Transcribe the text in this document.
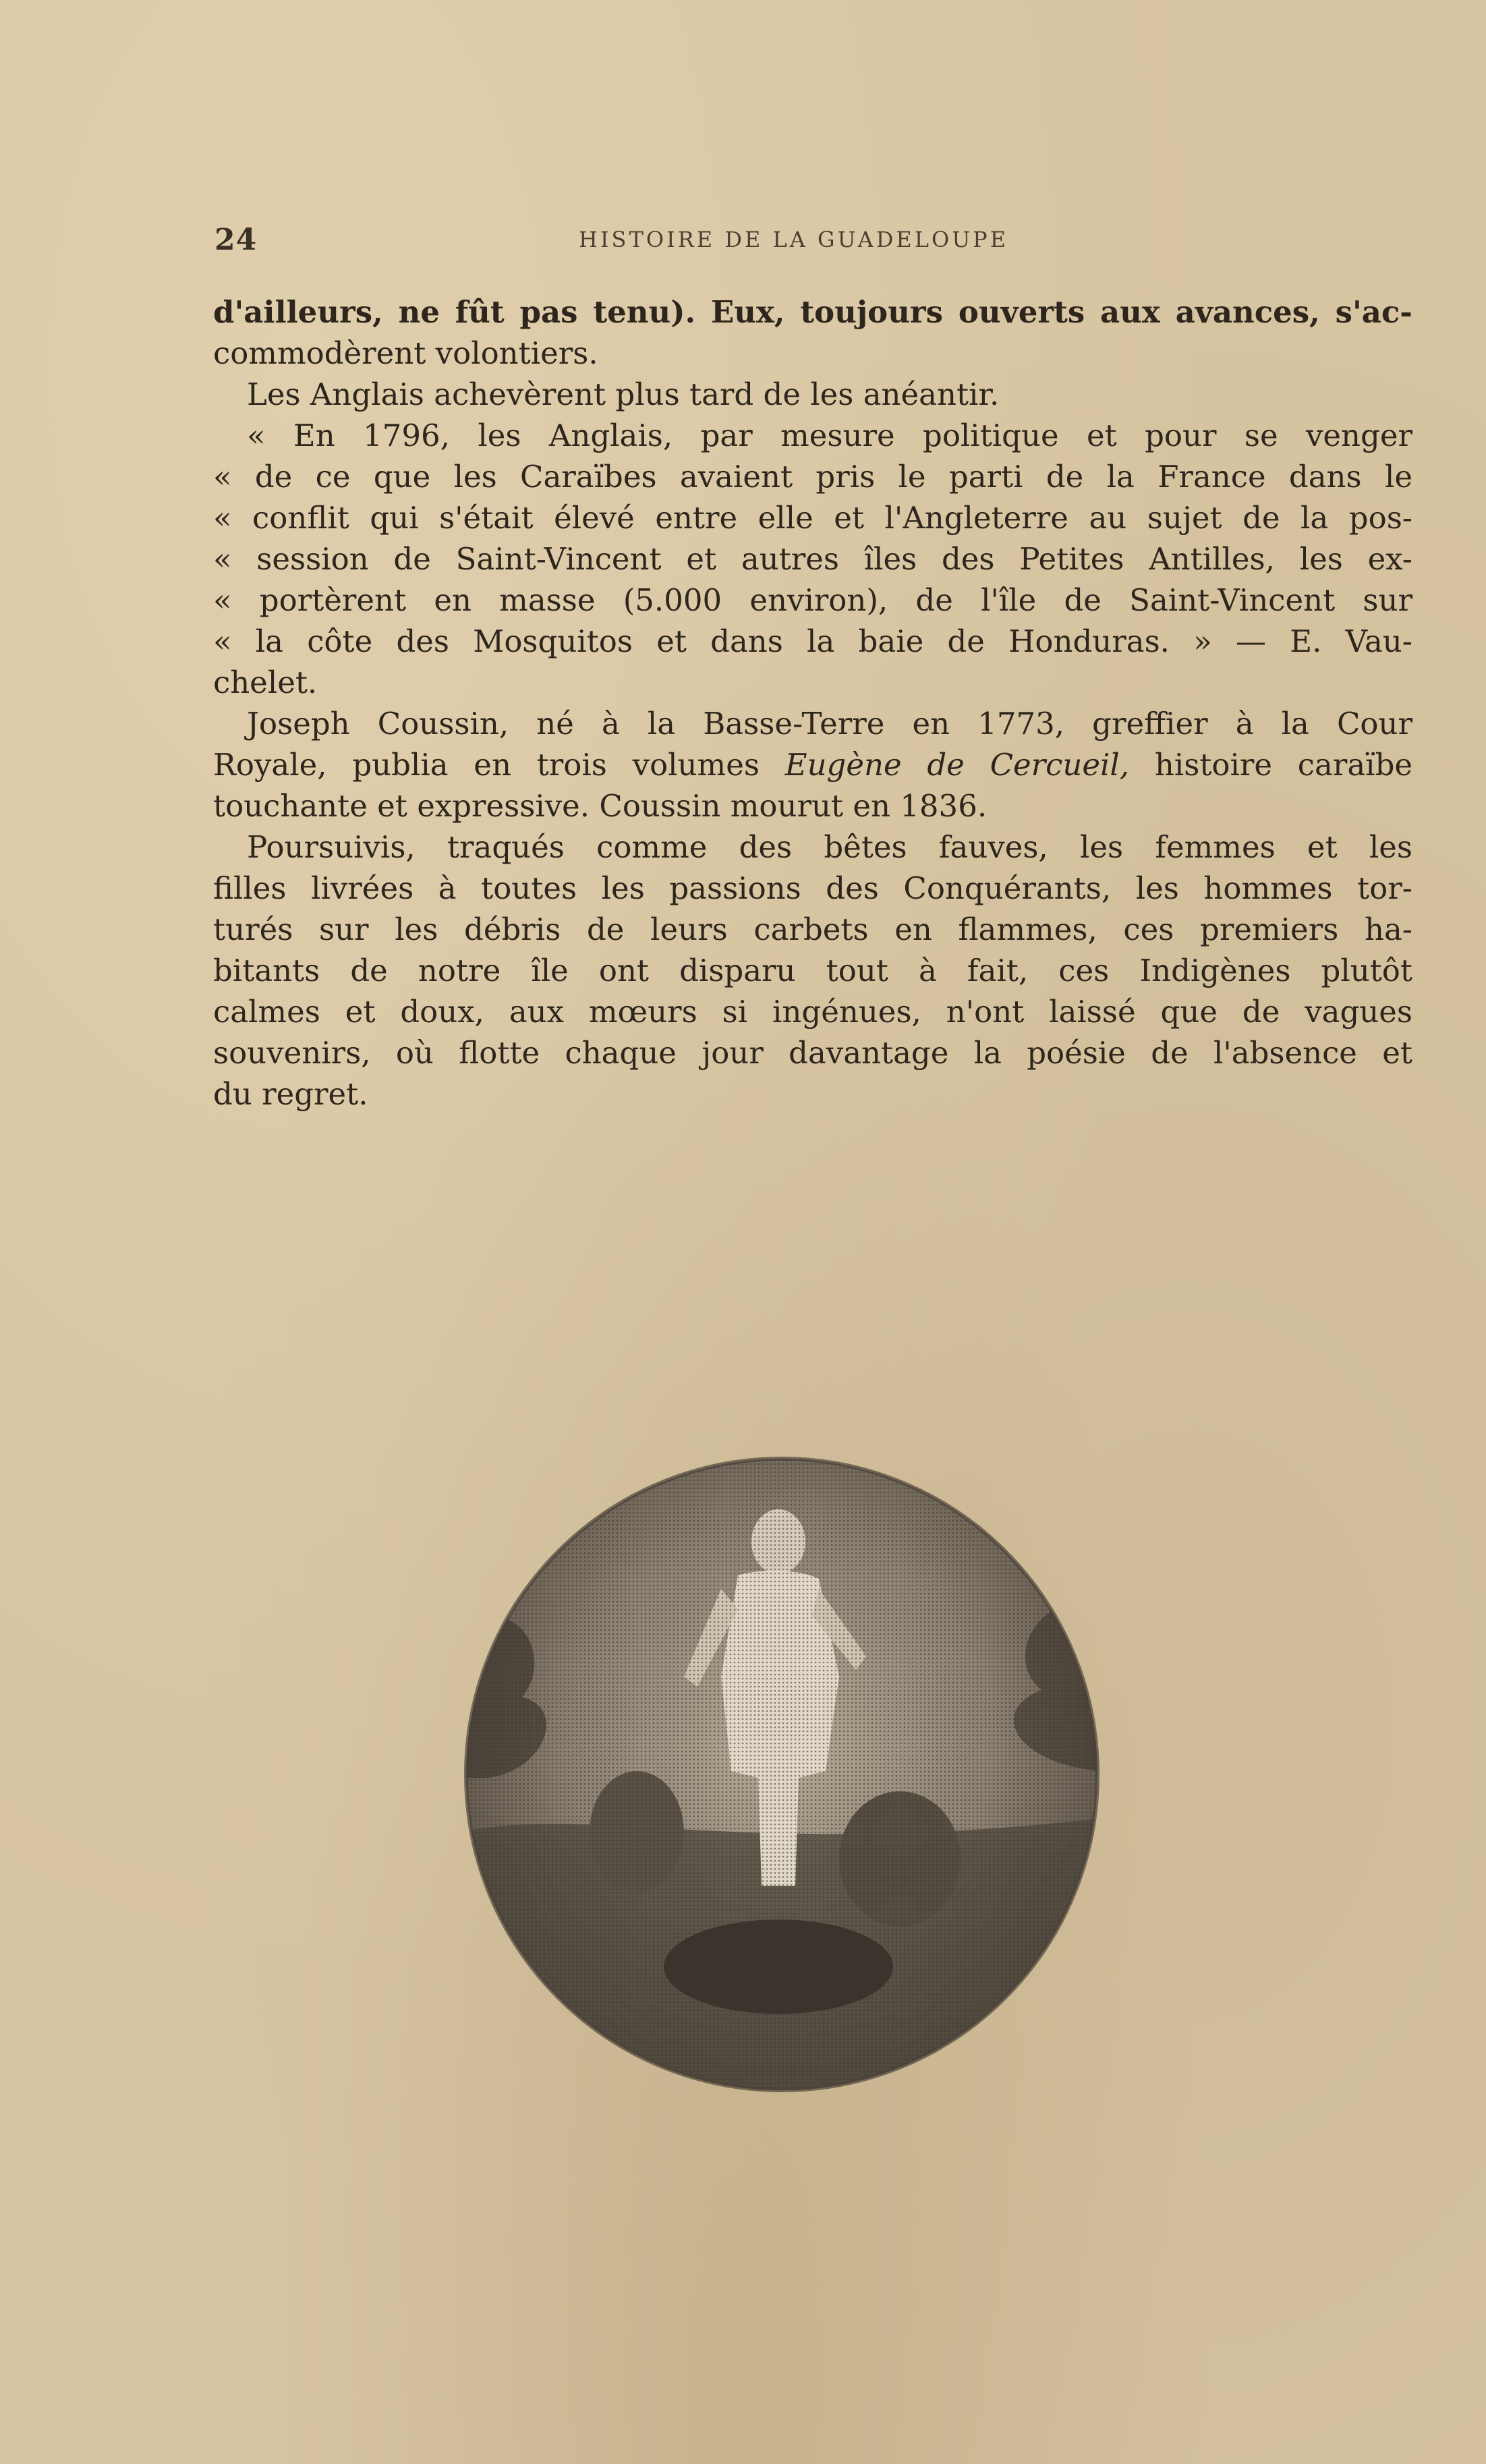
24	HISTOIRE DE LA GUADELOUPE
d'ailleurs, ne fût pas tenu). Eux, toujours ouverts aux avances, s'ac-
commodèrent volontiers.
Les Anglais achevèrent plus tard de les anéantir.
« En 1796, les Anglais, par mesure politique et pour se venger
« de ce que les Caraïbes avaient pris le parti de la France dans le
« conflit qui s'était élevé entre elle et l'Angleterre au sujet de la pos-
« session de Saint-Vincent et autres îles des Petites Antilles, les ex-
« portèrent en masse (5.000 environ), de l'île de Saint-Vincent sur
« la côte des Mosquitos et dans la baie de Honduras. » — E. Vau-
chelet.
Joseph Coussin, né à la Basse-Terre en 1773, greffier à la Cour
Royale, publia en trois volumes Eugène de Cercueil, histoire caraïbe
touchante et expressive. Coussin mourut en 1836.
Poursuivis, traqués comme des bêtes fauves, les femmes et les
filles livrées à toutes les passions des Conquérants, les hommes tor-
turés sur les débris de leurs carbets en flammes, ces premiers ha-
bitants de notre île ont disparu tout à fait, ces Indigènes plutôt
calmes et doux, aux mœurs si ingénues, n'ont laissé que de vagues
souvenirs, où flotte chaque jour davantage la poésie de l'absence et
du regret.
